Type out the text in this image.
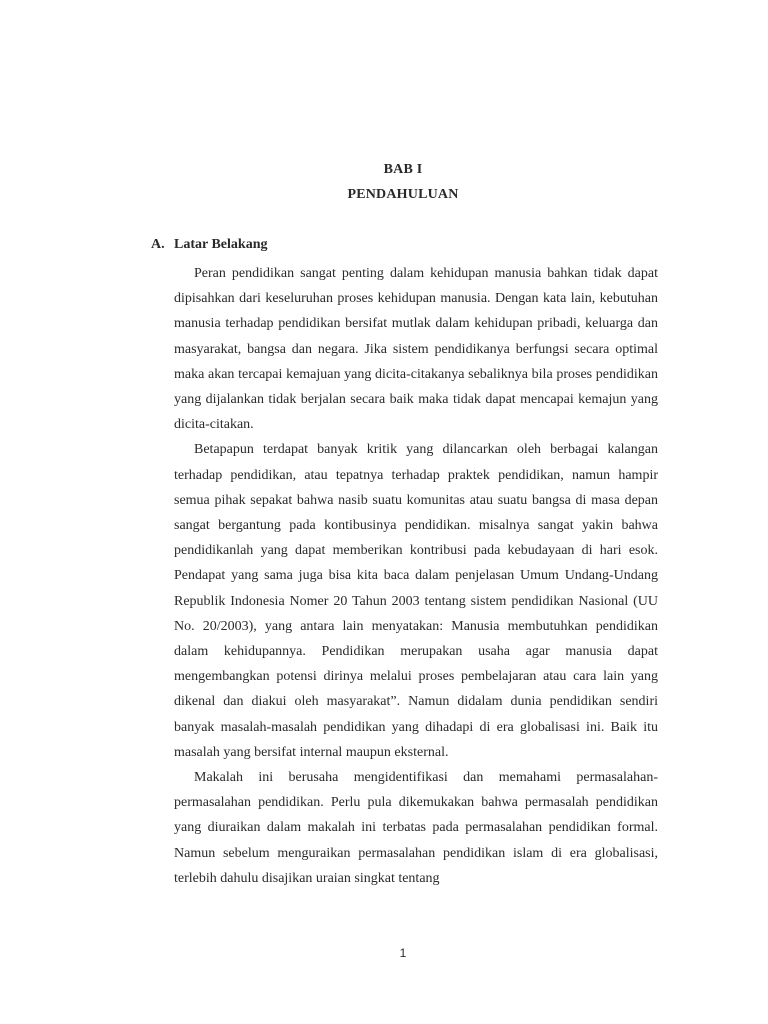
BAB I
PENDAHULUAN
A. Latar Belakang

Peran pendidikan sangat penting dalam kehidupan manusia bahkan tidak dapat dipisahkan dari keseluruhan proses kehidupan manusia. Dengan kata lain, kebutuhan manusia terhadap pendidikan bersifat mutlak dalam kehidupan pribadi, keluarga dan masyarakat, bangsa dan negara. Jika sistem pendidikanya berfungsi secara optimal maka akan tercapai kemajuan yang dicita-citakanya sebaliknya bila proses pendidikan yang dijalankan tidak berjalan secara baik maka tidak dapat mencapai kemajun yang dicita-citakan.

Betapapun terdapat banyak kritik yang dilancarkan oleh berbagai kalangan terhadap pendidikan, atau tepatnya terhadap praktek pendidikan, namun hampir semua pihak sepakat bahwa nasib suatu komunitas atau suatu bangsa di masa depan sangat bergantung pada kontibusinya pendidikan. misalnya sangat yakin bahwa pendidikanlah yang dapat memberikan kontribusi pada kebudayaan di hari esok. Pendapat yang sama juga bisa kita baca dalam penjelasan Umum Undang-Undang Republik Indonesia Nomer 20 Tahun 2003 tentang sistem pendidikan Nasional (UU No. 20/2003), yang antara lain menyatakan: Manusia membutuhkan pendidikan dalam kehidupannya. Pendidikan merupakan usaha agar manusia dapat mengembangkan potensi dirinya melalui proses pembelajaran atau cara lain yang dikenal dan diakui oleh masyarakat”. Namun didalam dunia pendidikan sendiri banyak masalah-masalah pendidikan yang dihadapi di era globalisasi ini. Baik itu masalah yang bersifat internal maupun eksternal.

Makalah ini berusaha mengidentifikasi dan memahami permasalahan-permasalahan pendidikan. Perlu pula dikemukakan bahwa permasalah pendidikan yang diuraikan dalam makalah ini terbatas pada permasalahan pendidikan formal. Namun sebelum menguraikan permasalahan pendidikan islam di era globalisasi, terlebih dahulu disajikan uraian singkat tentang

1
